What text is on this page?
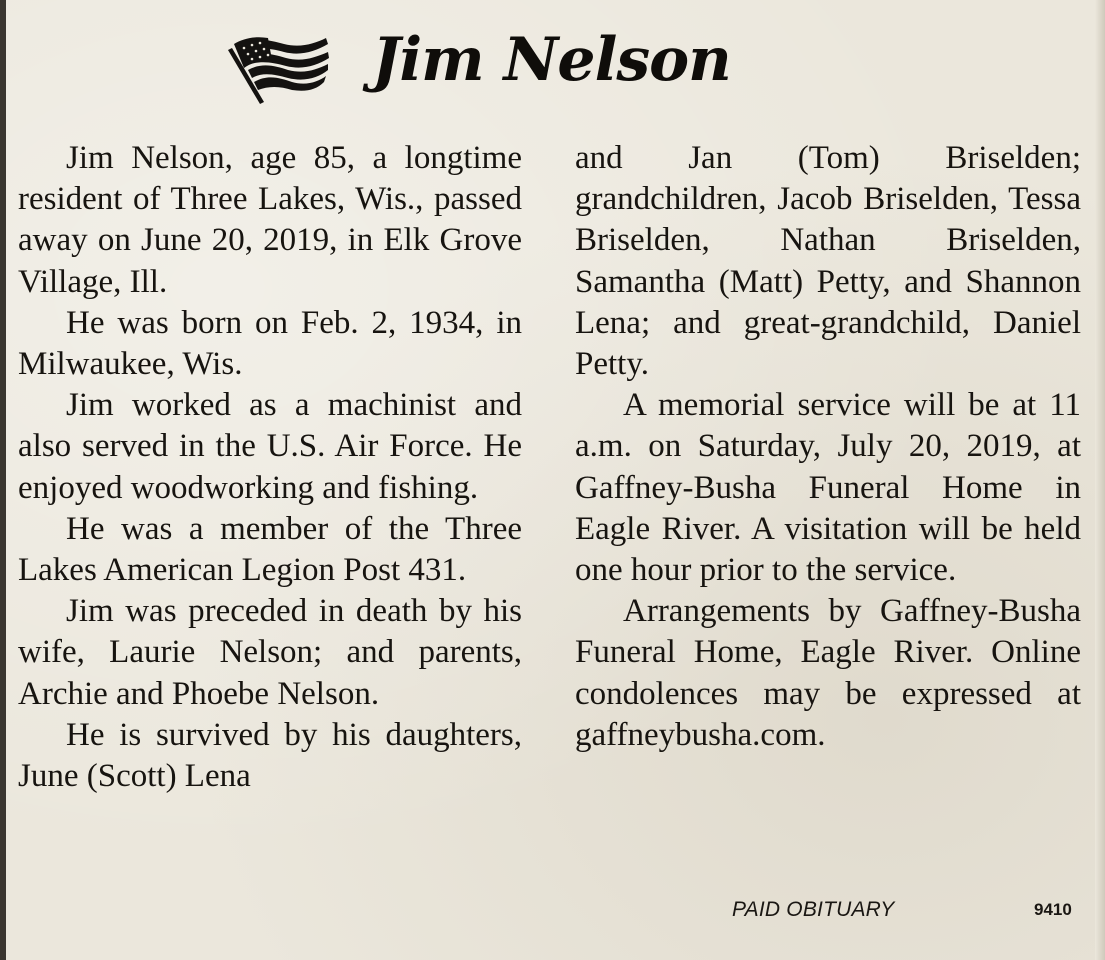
Jim Nelson

Jim Nelson, age 85, a longtime resident of Three Lakes, Wis., passed away on June 20, 2019, in Elk Grove Village, Ill.

He was born on Feb. 2, 1934, in Milwaukee, Wis.

Jim worked as a machinist and also served in the U.S. Air Force. He enjoyed woodworking and fishing.

He was a member of the Three Lakes American Legion Post 431.

Jim was preceded in death by his wife, Laurie Nelson; and parents, Archie and Phoebe Nelson.

He is survived by his daughters, June (Scott) Lena

and Jan (Tom) Briselden; grandchildren, Jacob Briselden, Tessa Briselden, Nathan Briselden, Samantha (Matt) Petty, and Shannon Lena; and great-grandchild, Daniel Petty.

A memorial service will be at 11 a.m. on Saturday, July 20, 2019, at Gaffney-Busha Funeral Home in Eagle River. A visitation will be held one hour prior to the service.

Arrangements by Gaffney-Busha Funeral Home, Eagle River. Online condolences may be expressed at gaffneybusha.com.

PAID OBITUARY	9410
